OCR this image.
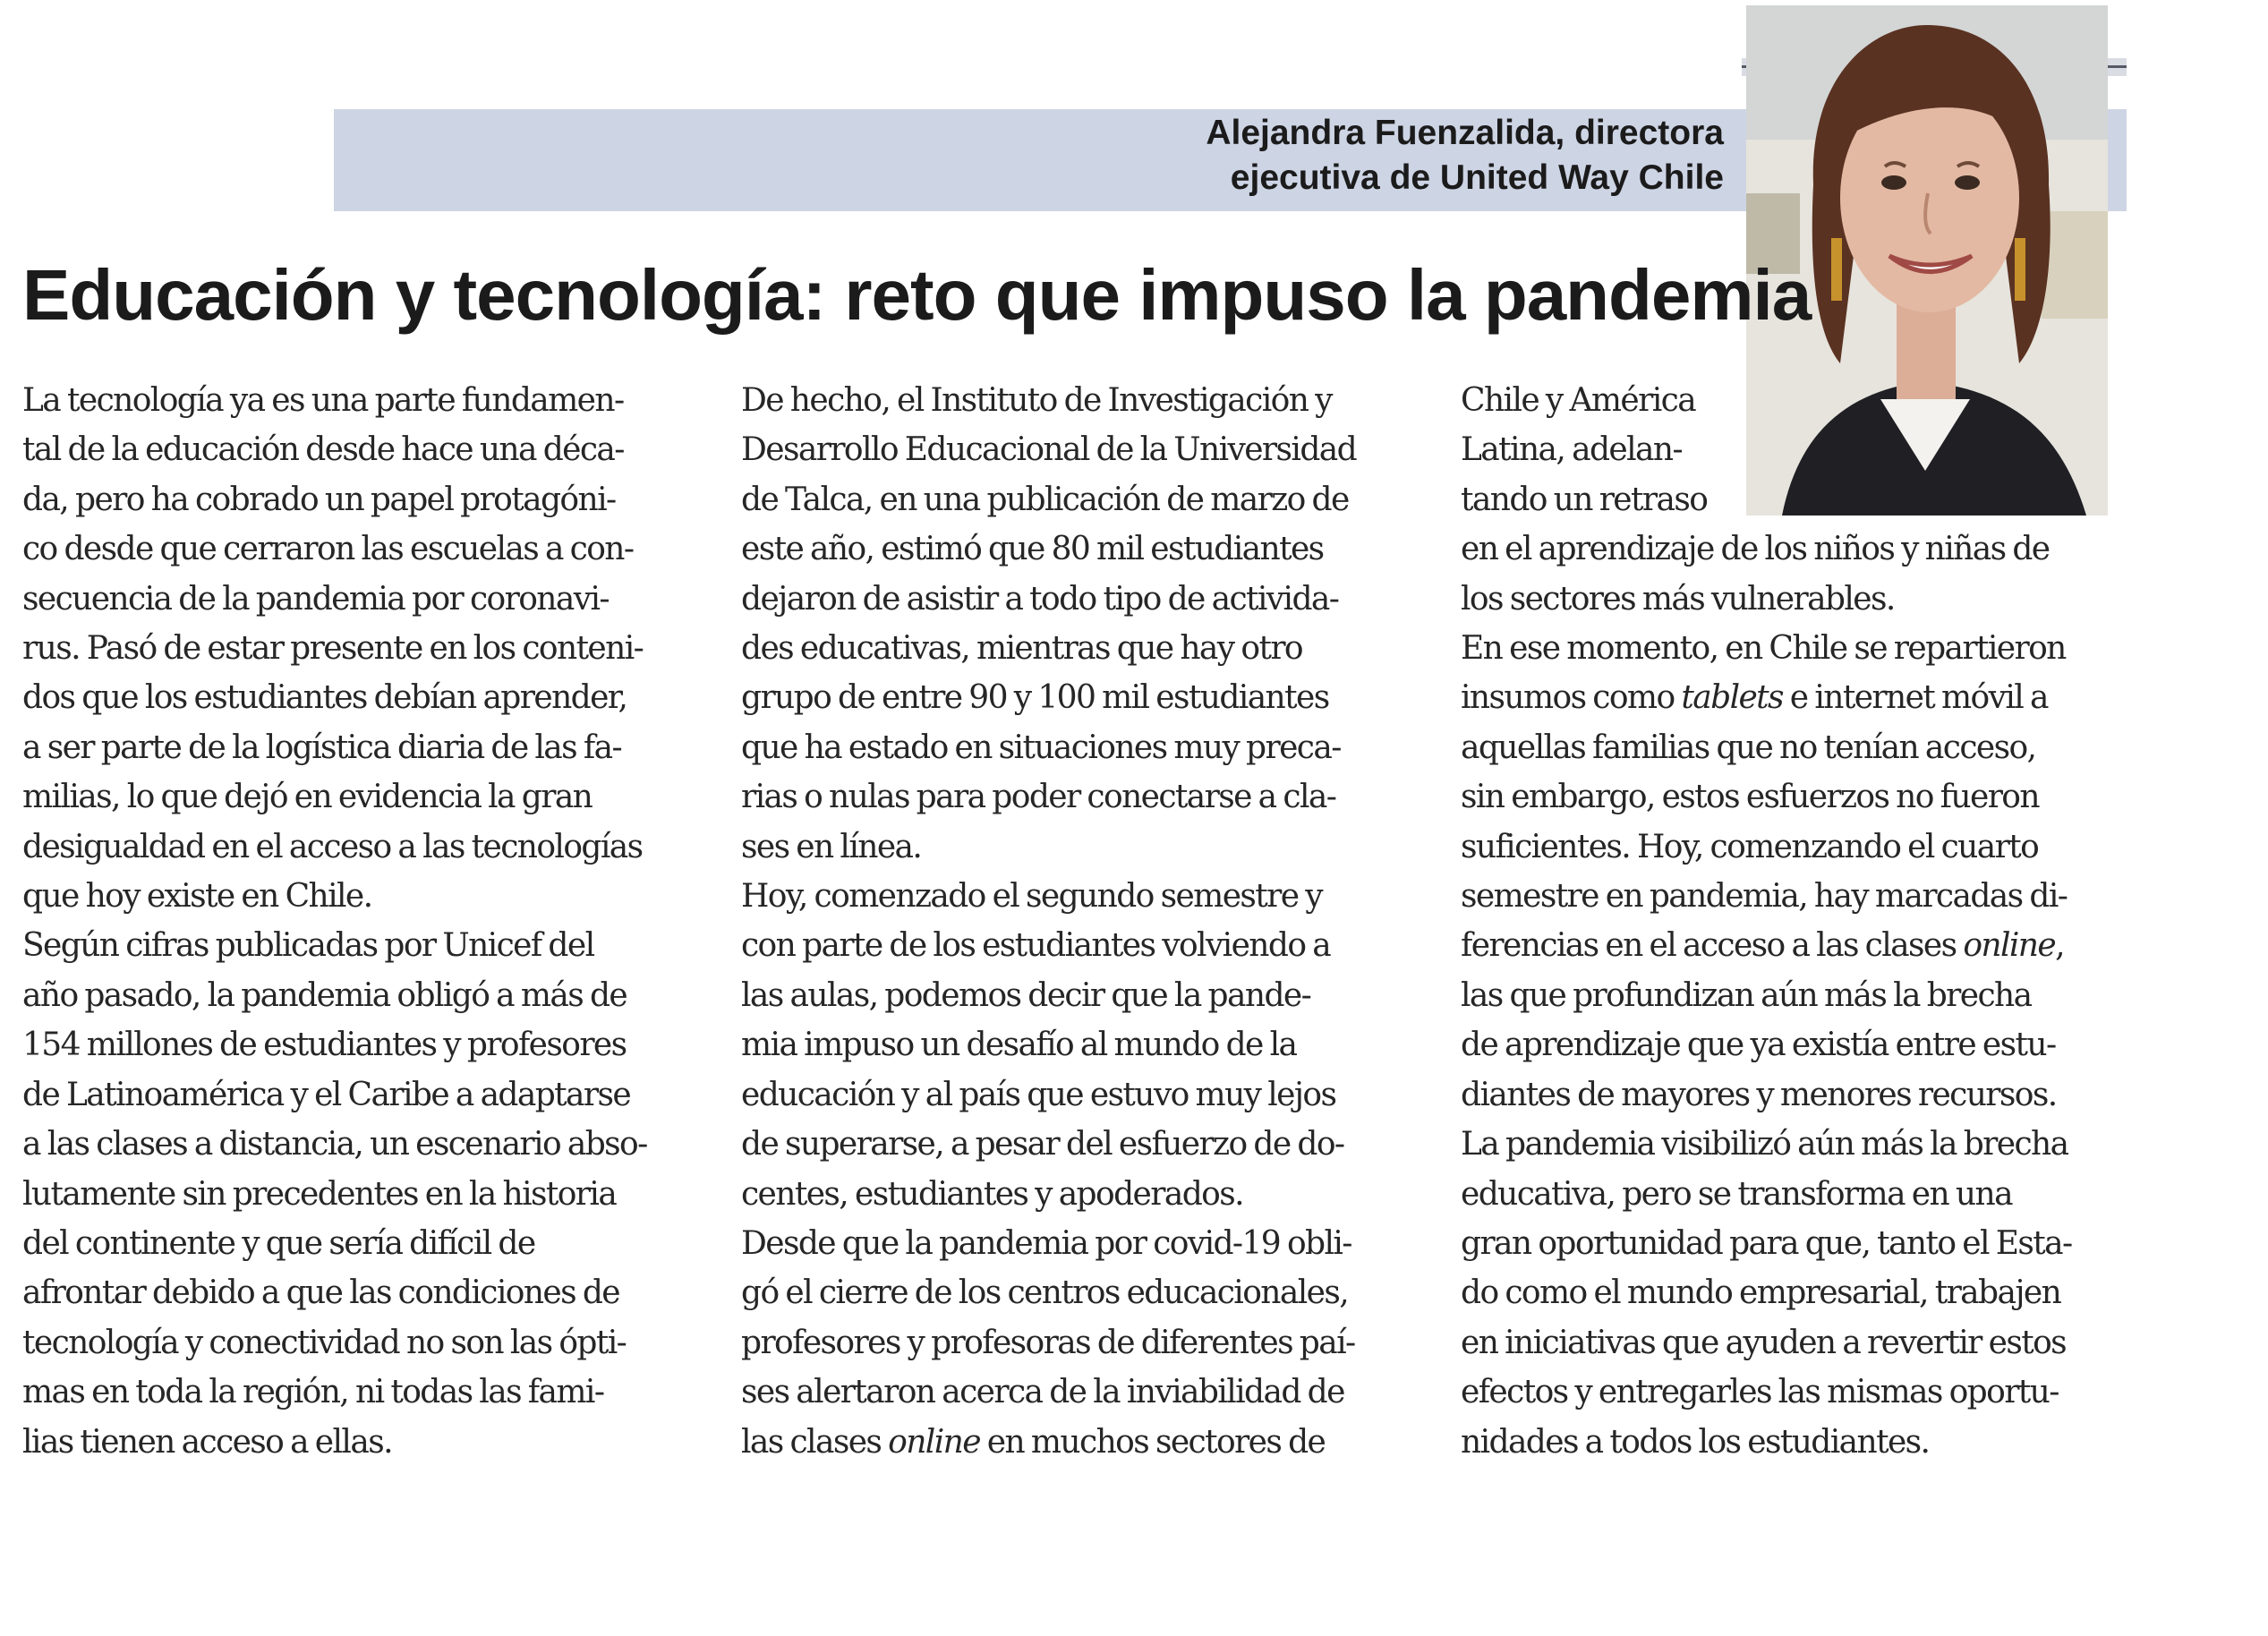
Alejandra Fuenzalida, directora
ejecutiva de United Way Chile
Educación y tecnología: reto que impuso la pandemia
La tecnología ya es una parte fundamen-
tal de la educación desde hace una déca-
da, pero ha cobrado un papel protagóni-
co desde que cerraron las escuelas a con-
secuencia de la pandemia por coronavi-
rus. Pasó de estar presente en los conteni-
dos que los estudiantes debían aprender,
a ser parte de la logística diaria de las fa-
milias, lo que dejó en evidencia la gran
desigualdad en el acceso a las tecnologías
que hoy existe en Chile.
Según cifras publicadas por Unicef del
año pasado, la pandemia obligó a más de
154 millones de estudiantes y profesores
de Latinoamérica y el Caribe a adaptarse
a las clases a distancia, un escenario abso-
lutamente sin precedentes en la historia
del continente y que sería difícil de
afrontar debido a que las condiciones de
tecnología y conectividad no son las ópti-
mas en toda la región, ni todas las fami-
lias tienen acceso a ellas.
De hecho, el Instituto de Investigación y
Desarrollo Educacional de la Universidad
de Talca, en una publicación de marzo de
este año, estimó que 80 mil estudiantes
dejaron de asistir a todo tipo de activida-
des educativas, mientras que hay otro
grupo de entre 90 y 100 mil estudiantes
que ha estado en situaciones muy preca-
rias o nulas para poder conectarse a cla-
ses en línea.
Hoy, comenzado el segundo semestre y
con parte de los estudiantes volviendo a
las aulas, podemos decir que la pande-
mia impuso un desafío al mundo de la
educación y al país que estuvo muy lejos
de superarse, a pesar del esfuerzo de do-
centes, estudiantes y apoderados.
Desde que la pandemia por covid-19 obli-
gó el cierre de los centros educacionales,
profesores y profesoras de diferentes paí-
ses alertaron acerca de la inviabilidad de
las clases online en muchos sectores de
Chile y América
Latina, adelan-
tando un retraso
en el aprendizaje de los niños y niñas de
los sectores más vulnerables.
En ese momento, en Chile se repartieron
insumos como tablets e internet móvil a
aquellas familias que no tenían acceso,
sin embargo, estos esfuerzos no fueron
suficientes. Hoy, comenzando el cuarto
semestre en pandemia, hay marcadas di-
ferencias en el acceso a las clases online,
las que profundizan aún más la brecha
de aprendizaje que ya existía entre estu-
diantes de mayores y menores recursos.
La pandemia visibilizó aún más la brecha
educativa, pero se transforma en una
gran oportunidad para que, tanto el Esta-
do como el mundo empresarial, trabajen
en iniciativas que ayuden a revertir estos
efectos y entregarles las mismas oportu-
nidades a todos los estudiantes.
